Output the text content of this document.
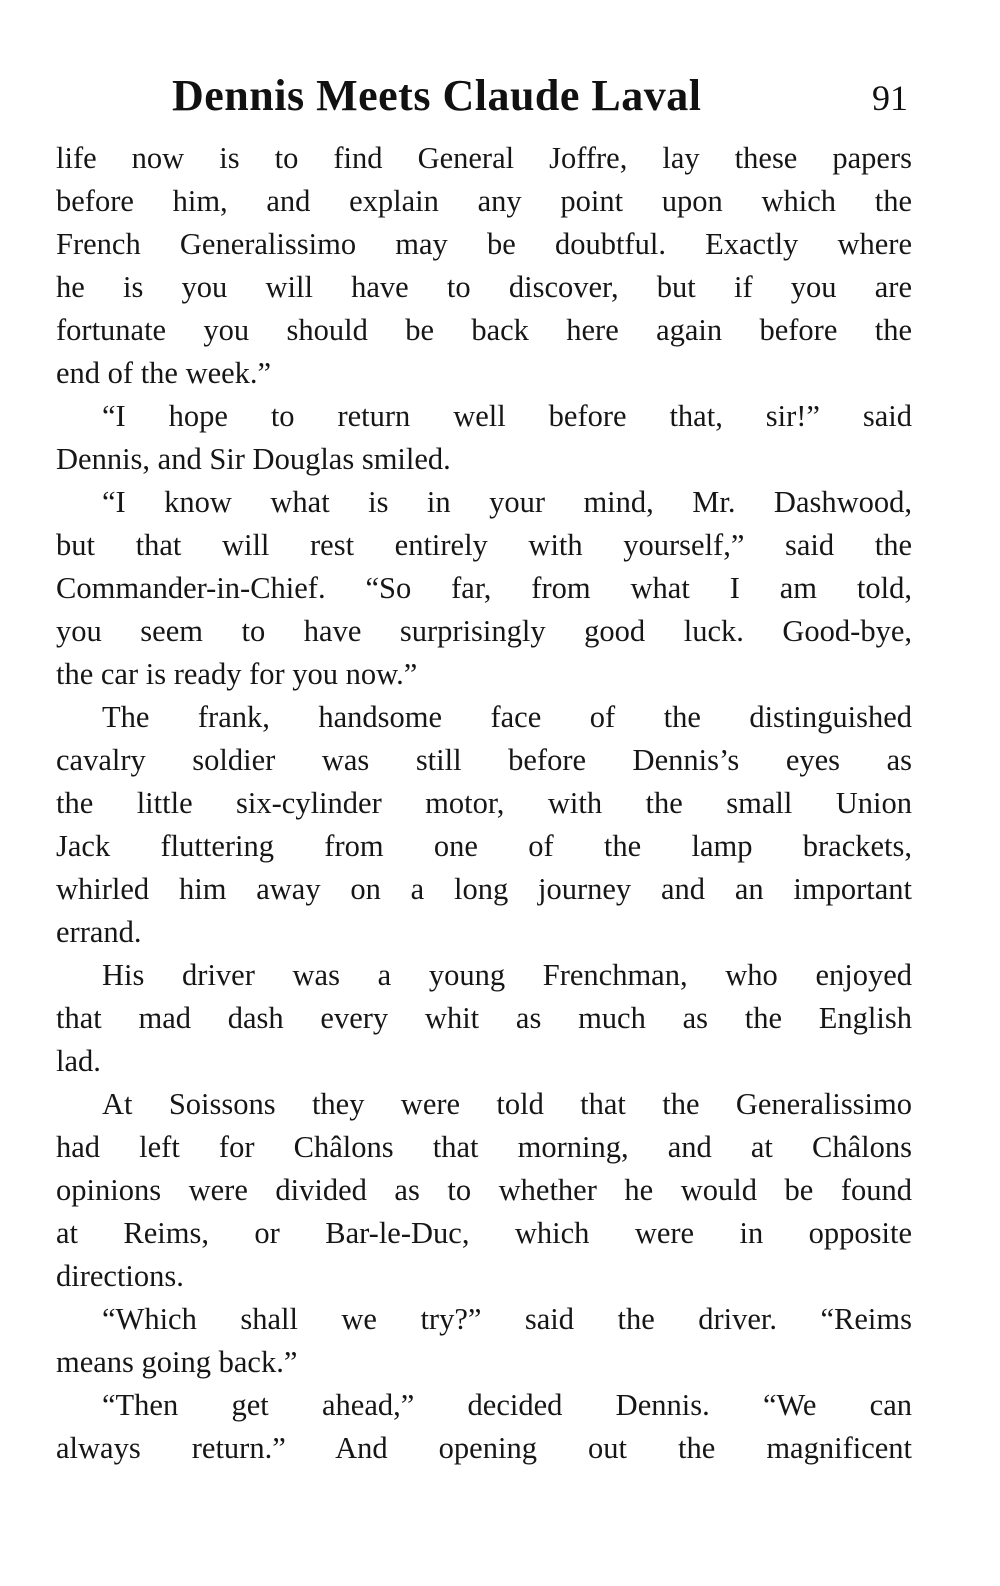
Dennis Meets Claude Laval	91

life now is to find General Joffre, lay these papers

before him, and explain any point upon which the

French Generalissimo may be doubtful. Exactly where

he is you will have to discover, but if you are

fortunate you should be back here again before the

end of the week.”

“I hope to return well before that, sir!” said

Dennis, and Sir Douglas smiled.

“I know what is in your mind, Mr. Dashwood,

but that will rest entirely with yourself,” said the

Commander-in-Chief. “So far, from what I am told,

you seem to have surprisingly good luck. Good-bye,

the car is ready for you now.”

The frank, handsome face of the distinguished

cavalry soldier was still before Dennis’s eyes as

the little six-cylinder motor, with the small Union

Jack fluttering from one of the lamp brackets,

whirled him away on a long journey and an important

errand.

His driver was a young Frenchman, who enjoyed

that mad dash every whit as much as the English

lad.

At Soissons they were told that the Generalissimo

had left for Châlons that morning, and at Châlons

opinions were divided as to whether he would be found

at Reims, or Bar-le-Duc, which were in opposite

directions.

“Which shall we try?” said the driver. “Reims

means going back.”

“Then get ahead,” decided Dennis. “We can

always return.” And opening out the magnificent
